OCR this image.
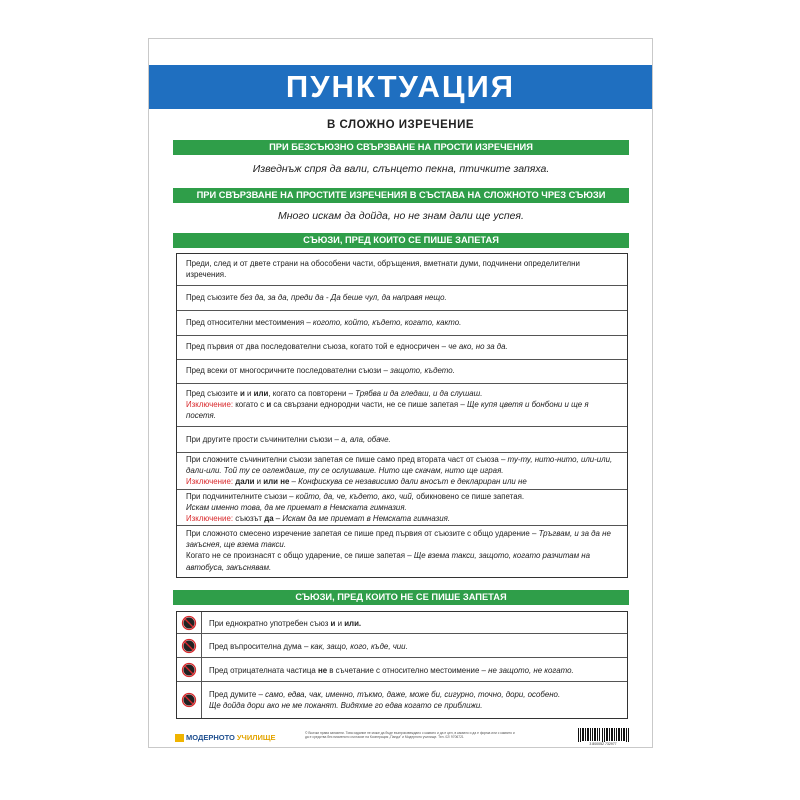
ПУНКТУАЦИЯ
В СЛОЖНО ИЗРЕЧЕНИЕ
ПРИ БЕЗСЪЮЗНО СВЪРЗВАНЕ НА ПРОСТИ ИЗРЕЧЕНИЯ
Изведнъж спря да вали, слънцето пекна, птичките запяха.
ПРИ СВЪРЗВАНЕ НА ПРОСТИТЕ ИЗРЕЧЕНИЯ В СЪСТАВА НА СЛОЖНОТО ЧРЕЗ СЪЮЗИ
Много искам да дойда, но не знам дали ще успея.
СЪЮЗИ, ПРЕД КОИТО СЕ ПИШЕ ЗАПЕТАЯ
Преди, след и от двете страни на обособени части, обръщения, вметнати думи, подчинени определителни изречения.
Пред съюзите без да, за да, преди да - Да беше чул, да направя нещо.
Пред относителни местоимения – когото, който, където, когато, както.
Пред първия от два последователни съюза, когато той е едносричен – че ако, но за да.
Пред всеки от многосричните последователни съюзи – защото, където.
Пред съюзите и и или, когато са повторени – Трябва и да гледаш, и да слушаш.
Изключение: когато с и са свързани еднородни части, не се пише запетая – Ще купя цветя и бонбони и ще я посетя.
При другите прости съчинителни съюзи – а, ала, обаче.
При сложните съчинителни съюзи запетая се пише само пред втората част от съюза – ту-ту, нито-нито, или-или, дали-или. Той ту се оглеждаше, ту се ослушваше. Нито ще скачам, нито ще играя.
Изключение: дали и или не – Конфискува се независимо дали вносът е деклариран или не
При подчинителните съюзи – който, да, че, където, ако, чий, обикновено се пише запетая.
Искам именно това, да ме приемат в Немската гимназия.
Изключение: съюзът да – Искам да ме приемат в Немската гимназия.
При сложното смесено изречение запетая се пише пред първия от съюзите с общо ударение – Тръгвам, и за да не закъснея, ще взема такси.
Когато не се произнасят с общо ударение, се пише запетая – Ще взема такси, защото, когато разчитам на автобуса, закъснявам.
СЪЮЗИ, ПРЕД КОИТО НЕ СЕ ПИШЕ ЗАПЕТАЯ
При еднократно употребен съюз и и или.
Пред въпросителна дума – как, защо, кого, къде, чии.
Пред отрицателната частица не в съчетание с относително местоимение – не защото, не когато.
Пред думите – само, едва, чак, именно, тъкмо, даже, може би, сигурно, точно, дори, особено.
Ще дойда дори ако не ме поканят. Видяхме го едва когато се приближи.
МОДЕРНОТО УЧИЛИЩЕ	© Всички права запазени. Това издание не може да бъде възпроизвеждано с каквато и да е цел, в каквато и да е форма или с каквито и да е средства без писменото съгласие на Кооперация „Панда" и Модерното училище. Тел. 02/ 9706721
3 800052 732977
